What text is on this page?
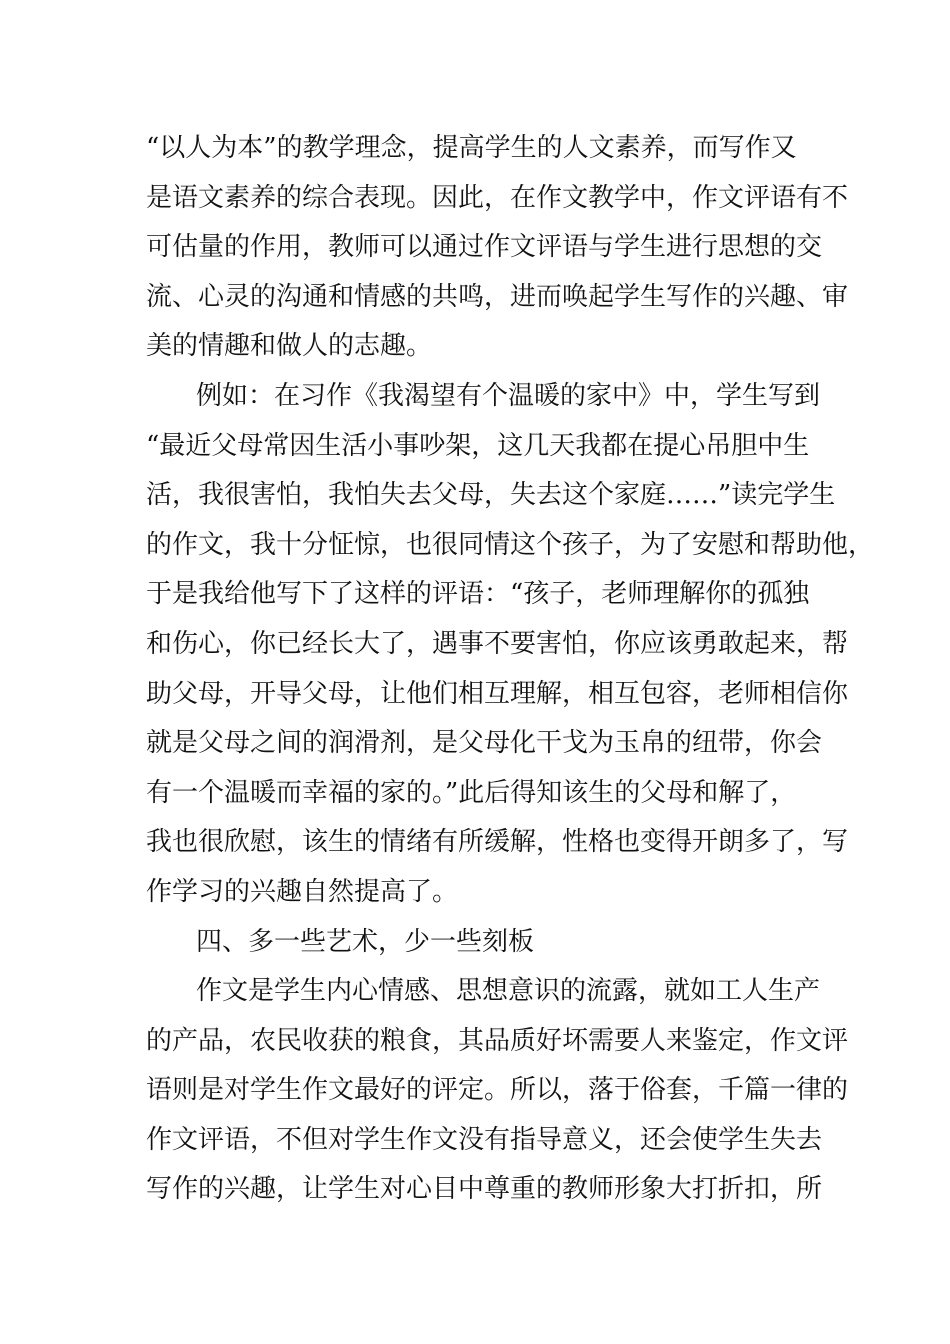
“以人为本”的教学理念，提高学生的人文素养，而写作又
是语文素养的综合表现。因此，在作文教学中，作文评语有不
可估量的作用，教师可以通过作文评语与学生进行思想的交
流、心灵的沟通和情感的共鸣，进而唤起学生写作的兴趣、审
美的情趣和做人的志趣。
例如：在习作《我渴望有个温暖的家中》中，学生写到
“最近父母常因生活小事吵架，这几天我都在提心吊胆中生
活，我很害怕，我怕失去父母，失去这个家庭……”读完学生
的作文，我十分怔惊，也很同情这个孩子，为了安慰和帮助他，
于是我给他写下了这样的评语：“孩子，老师理解你的孤独
和伤心，你已经长大了，遇事不要害怕，你应该勇敢起来，帮
助父母，开导父母，让他们相互理解，相互包容，老师相信你
就是父母之间的润滑剂，是父母化干戈为玉帛的纽带，你会
有一个温暖而幸福的家的。”此后得知该生的父母和解了，
我也很欣慰，该生的情绪有所缓解，性格也变得开朗多了，写
作学习的兴趣自然提高了。
四、多一些艺术，少一些刻板
作文是学生内心情感、思想意识的流露，就如工人生产
的产品，农民收获的粮食，其品质好坏需要人来鉴定，作文评
语则是对学生作文最好的评定。所以，落于俗套，千篇一律的
作文评语，不但对学生作文没有指导意义，还会使学生失去
写作的兴趣，让学生对心目中尊重的教师形象大打折扣，所
